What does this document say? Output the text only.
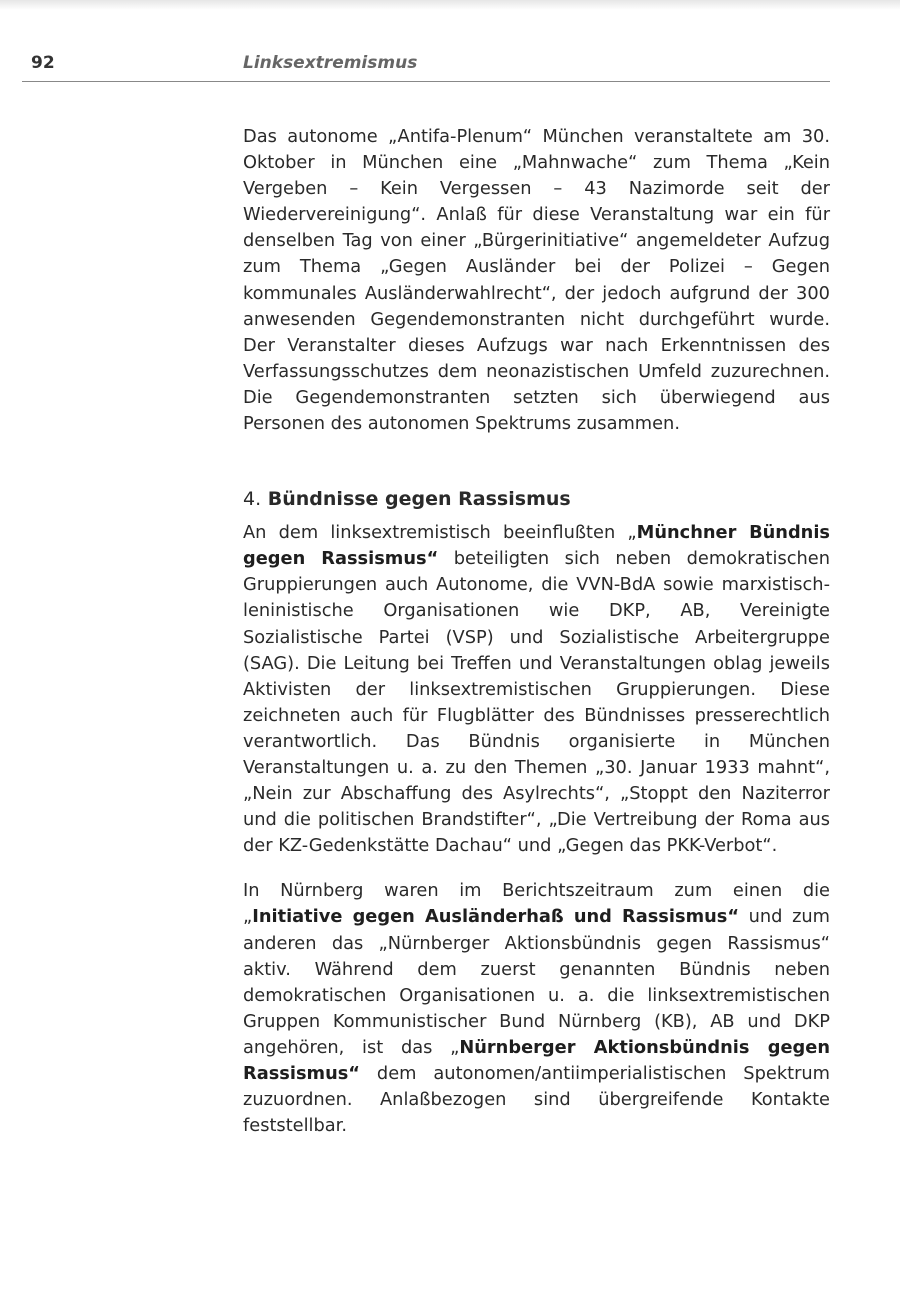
92	Linksextremismus

Das autonome „Antifa-Plenum“ München veranstaltete am 30. Oktober in München eine „Mahnwache“ zum Thema „Kein Vergeben – Kein Vergessen – 43 Nazimorde seit der Wiedervereinigung“. Anlaß für diese Veranstaltung war ein für denselben Tag von einer „Bürgerinitiative“ angemeldeter Aufzug zum Thema „Gegen Ausländer bei der Polizei – Gegen kommunales Ausländerwahlrecht“, der jedoch aufgrund der 300 anwesenden Gegendemonstranten nicht durchgeführt wurde. Der Veranstalter dieses Aufzugs war nach Erkenntnissen des Verfassungsschutzes dem neonazistischen Umfeld zuzurechnen. Die Gegendemonstranten setzten sich überwiegend aus Personen des autonomen Spektrums zusammen.

4. Bündnisse gegen Rassismus

An dem linksextremistisch beeinflußten „Münchner Bündnis gegen Rassismus“ beteiligten sich neben demokratischen Gruppierungen auch Autonome, die VVN-BdA sowie marxistisch-leninistische Organisationen wie DKP, AB, Vereinigte Sozialistische Partei (VSP) und Sozialistische Arbeitergruppe (SAG). Die Leitung bei Treffen und Veranstaltungen oblag jeweils Aktivisten der linksextremistischen Gruppierungen. Diese zeichneten auch für Flugblätter des Bündnisses presserechtlich verantwortlich. Das Bündnis organisierte in München Veranstaltungen u. a. zu den Themen „30. Januar 1933 mahnt“, „Nein zur Abschaffung des Asylrechts“, „Stoppt den Naziterror und die politischen Brandstifter“, „Die Vertreibung der Roma aus der KZ-Gedenkstätte Dachau“ und „Gegen das PKK-Verbot“.

In Nürnberg waren im Berichtszeitraum zum einen die „Initiative gegen Ausländerhaß und Rassismus“ und zum anderen das „Nürnberger Aktionsbündnis gegen Rassismus“ aktiv. Während dem zuerst genannten Bündnis neben demokratischen Organisationen u. a. die linksextremistischen Gruppen Kommunistischer Bund Nürnberg (KB), AB und DKP angehören, ist das „Nürnberger Aktionsbündnis gegen Rassismus“ dem autonomen/antiimperialistischen Spektrum zuzuordnen. Anlaßbezogen sind übergreifende Kontakte feststellbar.
